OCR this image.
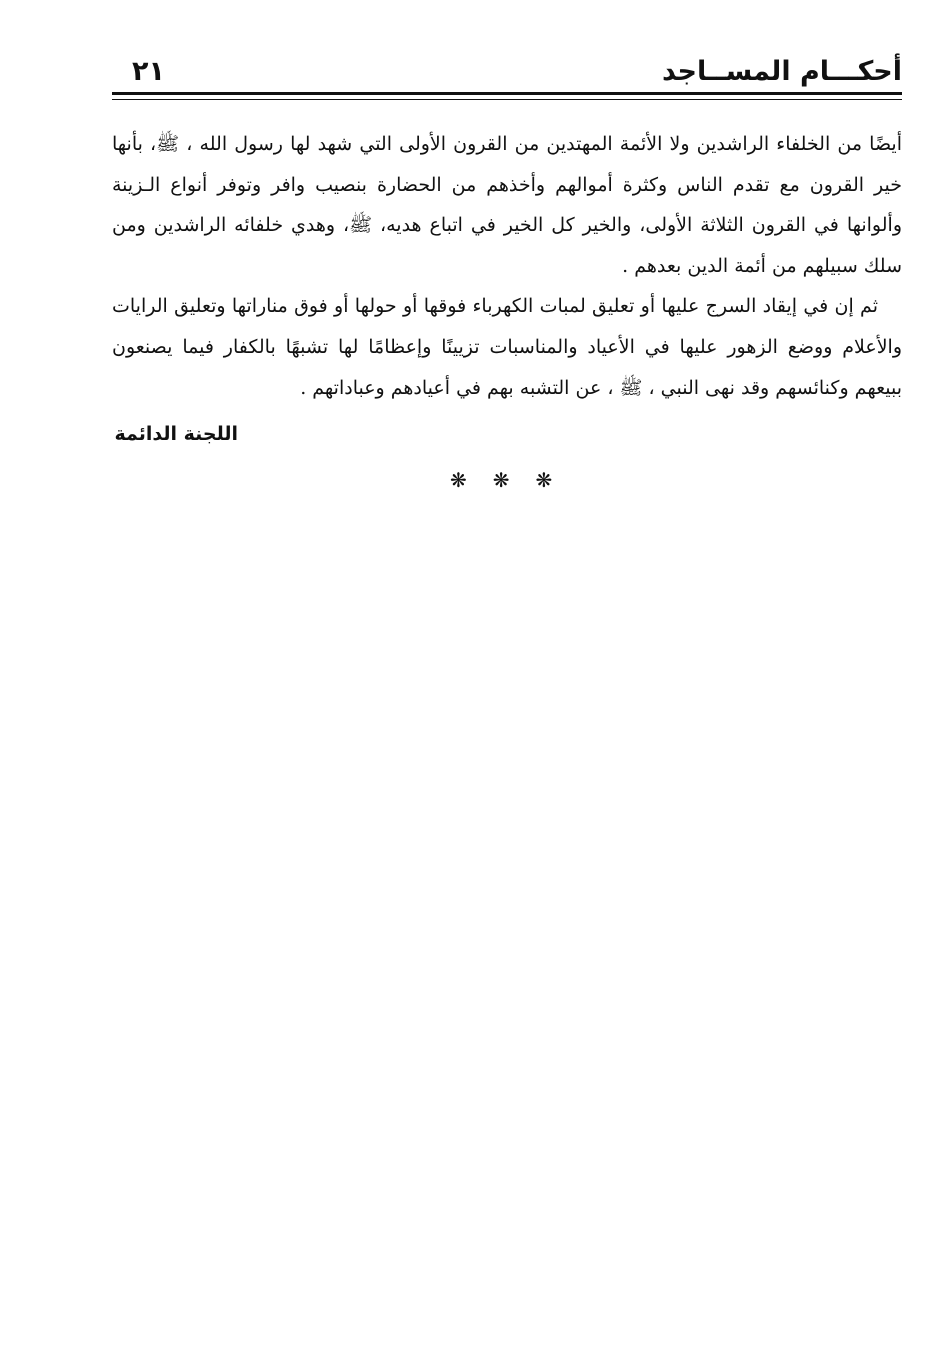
أحكـــام المســاجد
٢١

أيضًا من الخلفاء الراشدين ولا الأئمة المهتدين من القرون الأولى التي شهد لها رسول الله ، ﷺ، بأنها خير القرون مع تقدم الناس وكثرة أموالهم وأخذهم من الحضارة بنصيب وافر وتوفر أنواع الـزينة وألوانها في القرون الثلاثة الأولى، والخير كل الخير في اتباع هديه، ﷺ، وهدي خلفائه الراشدين ومن سلك سبيلهم من أئمة الدين بعدهم .

ثم إن في إيقاد السرج عليها أو تعليق لمبات الكهرباء فوقها أو حولها أو فوق مناراتها وتعليق الرايات والأعلام ووضع الزهور عليها في الأعياد والمناسبات تزيينًا وإعظامًا لها تشبهًا بالكفار فيما يصنعون ببيعهم وكنائسهم وقد نهى النبي ، ﷺ ، عن التشبه بهم في أعيادهم وعباداتهم .

اللجنة الدائمة
❋❋❋
